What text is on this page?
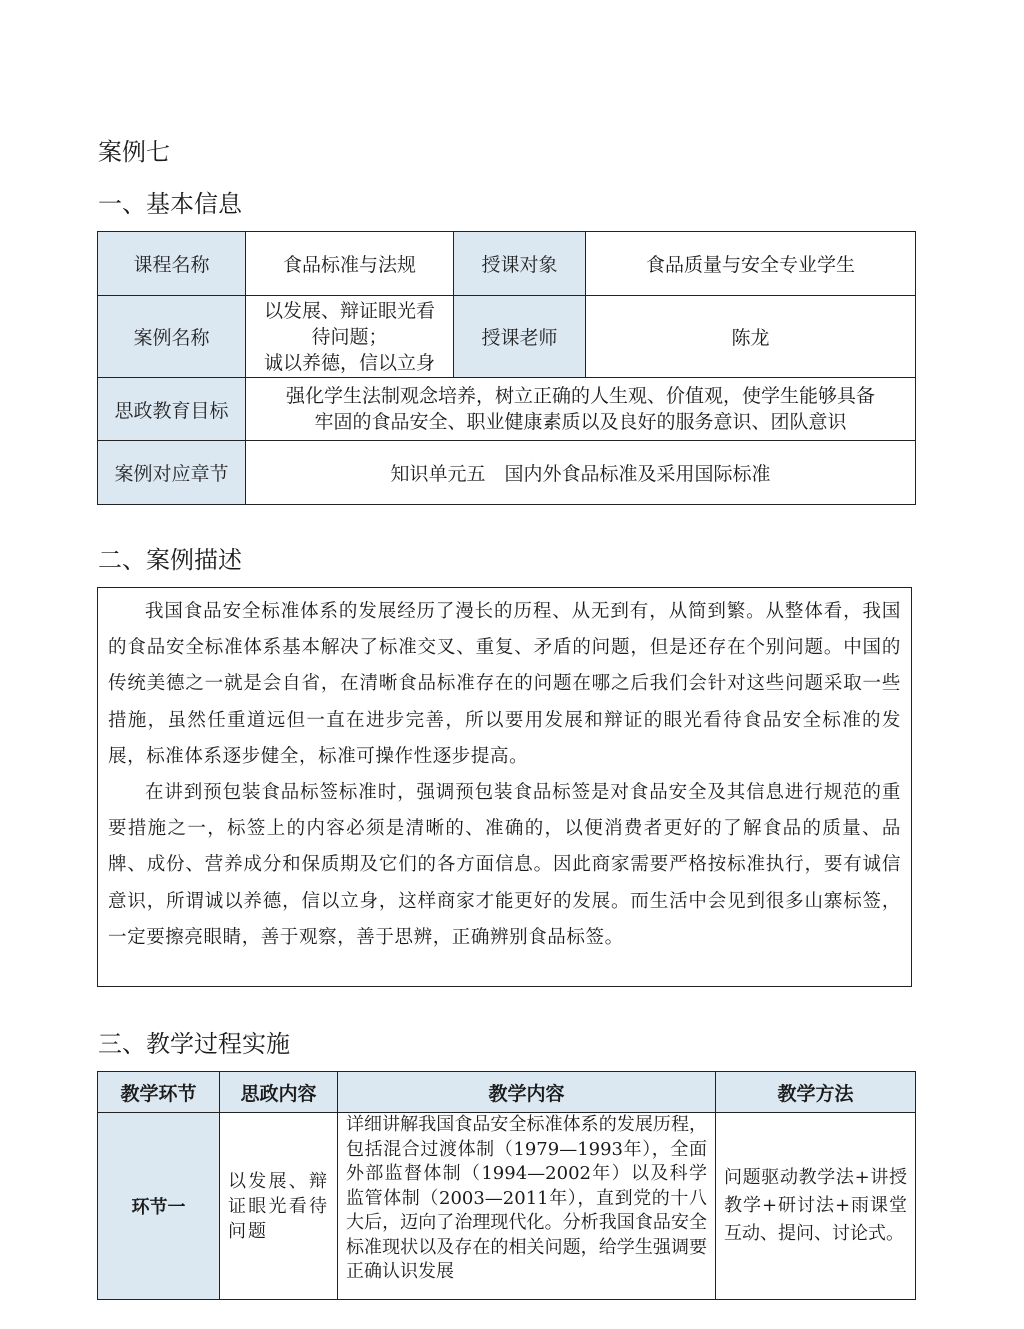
案例七
一、基本信息
课程名称	食品标准与法规	授课对象	食品质量与安全专业学生
案例名称	以发展、辩证眼光看
待问题；
诚以养德，信以立身	授课老师	陈龙
思政教育目标	强化学生法制观念培养，树立正确的人生观、价值观，使学生能够具备
牢固的食品安全、职业健康素质以及良好的服务意识、团队意识		

案例对应章节	知识单元五　国内外食品标准及采用国际标准		
二、案例描述

我国食品安全标准体系的发展经历了漫长的历程、从无到有，从简到繁。从整体看，我国的食品安全标准体系基本解决了标准交叉、重复、矛盾的问题，但是还存在个别问题。中国的传统美德之一就是会自省，在清晰食品标准存在的问题在哪之后我们会针对这些问题采取一些措施，虽然任重道远但一直在进步完善，所以要用发展和辩证的眼光看待食品安全标准的发展，标准体系逐步健全，标准可操作性逐步提高。

在讲到预包装食品标签标准时，强调预包装食品标签是对食品安全及其信息进行规范的重要措施之一，标签上的内容必须是清晰的、准确的，以便消费者更好的了解食品的质量、品牌、成份、营养成分和保质期及它们的各方面信息。因此商家需要严格按标准执行，要有诚信意识，所谓诚以养德，信以立身，这样商家才能更好的发展。而生活中会见到很多山寨标签，一定要擦亮眼睛，善于观察，善于思辨，正确辨别食品标签。

三、教学过程实施
教学环节	思政内容	教学内容	教学方法
环节一	以发展、辩证眼光看待问题	详细讲解我国食品安全标准体系的发展历程，包括混合过渡体制（1979—1993年），全面外部监督体制（1994—2002年）以及科学监管体制（2003—2011年），直到党的十八大后，迈向了治理现代化。分析我国食品安全标准现状以及存在的相关问题，给学生强调要正确认识发展	问题驱动教学法+讲授教学+研讨法+雨课堂互动、提问、讨论式。
